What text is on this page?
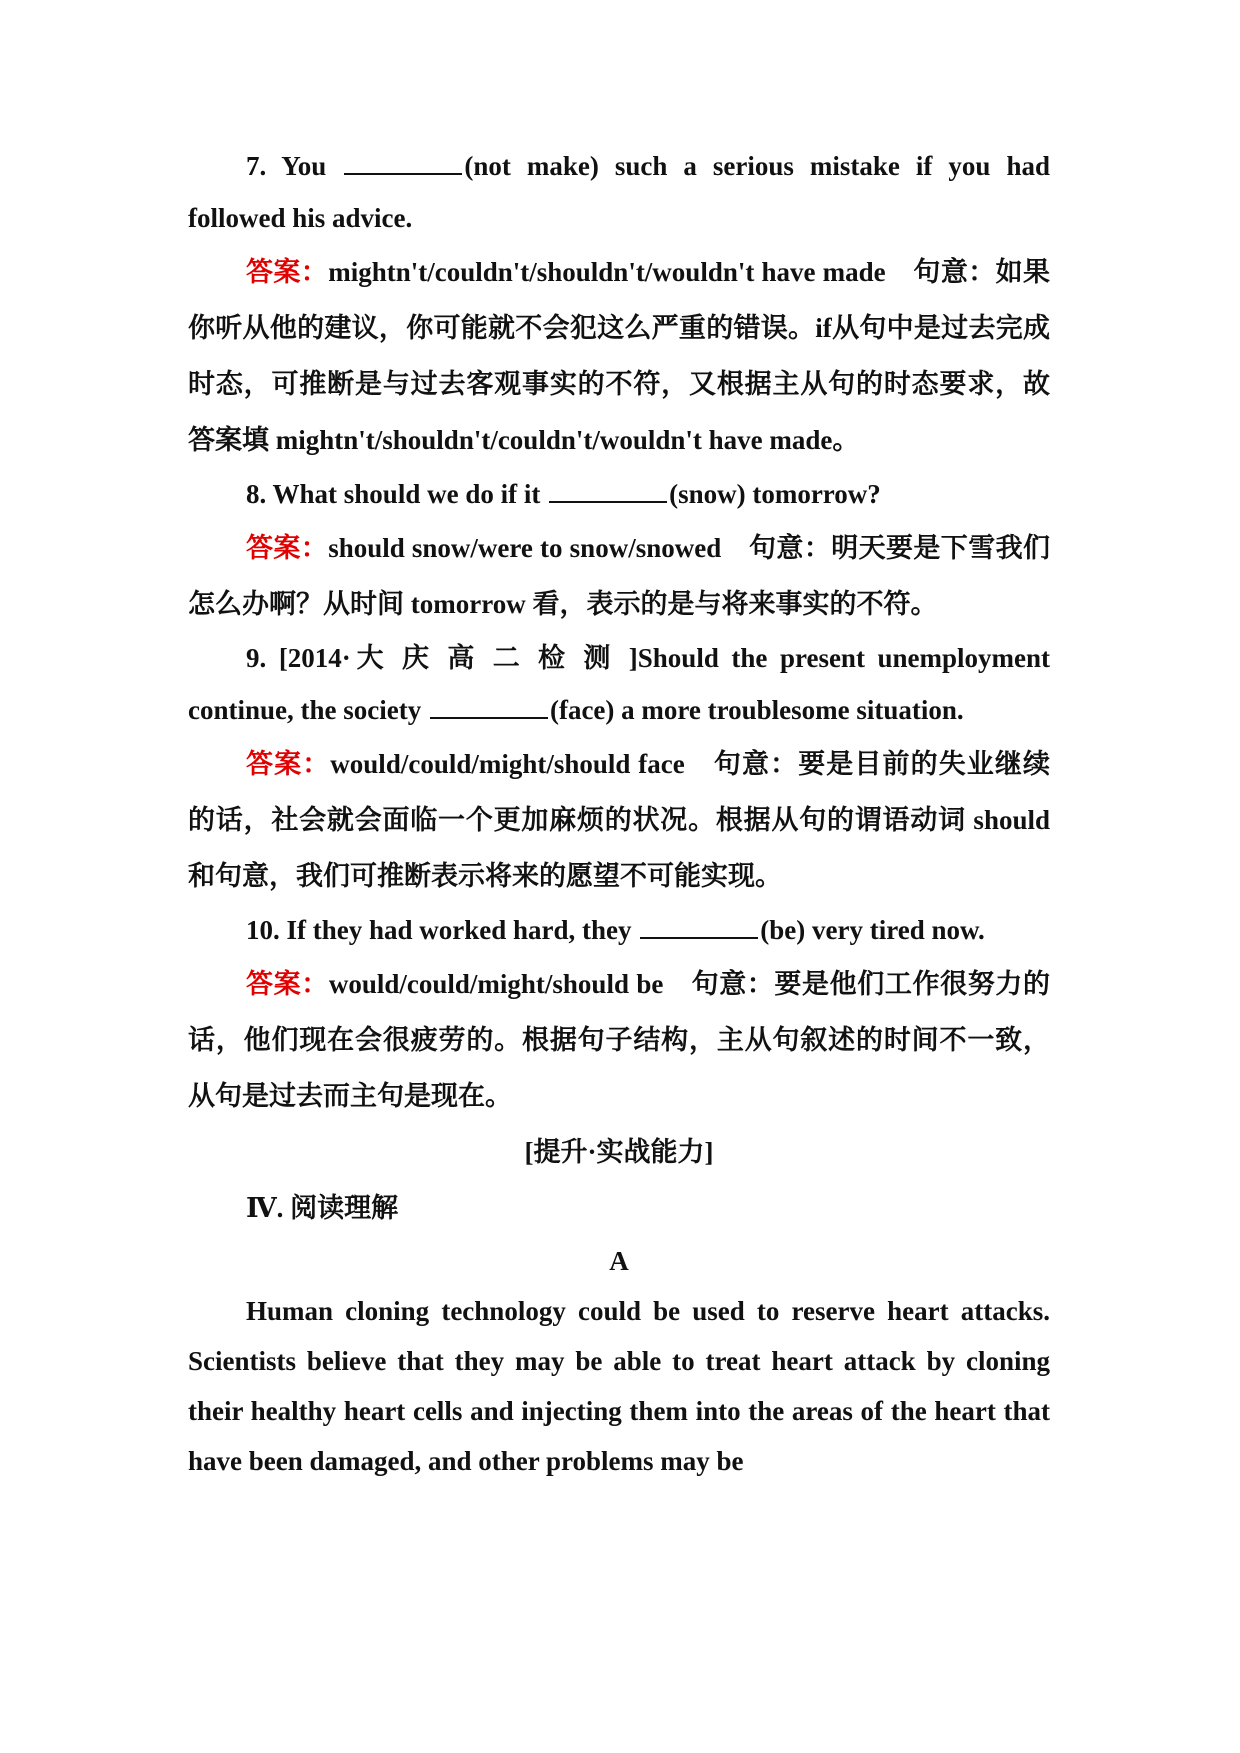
7. You	(not make) such a serious mistake if you had followed his advice.

答案：mightn't/couldn't/shouldn't/wouldn't have made　句意：如果你听从他的建议，你可能就不会犯这么严重的错误。if从句中是过去完成时态，可推断是与过去客观事实的不符，又根据主从句的时态要求，故答案填 mightn't/shouldn't/couldn't/wouldn't have made。

8. What should we do if it	(snow) tomorrow?

答案：should snow/were to snow/snowed　句意：明天要是下雪我们怎么办啊？从时间 tomorrow 看，表示的是与将来事实的不符。

9. [2014·大 庆 高 二 检 测 ]Should the present unemployment continue, the society	(face) a more troublesome situation.

答案：would/could/might/should face　句意：要是目前的失业继续的话，社会就会面临一个更加麻烦的状况。根据从句的谓语动词 should 和句意，我们可推断表示将来的愿望不可能实现。

10. If they had worked hard, they	(be) very tired now.

答案：would/could/might/should be　句意：要是他们工作很努力的话，他们现在会很疲劳的。根据句子结构，主从句叙述的时间不一致，从句是过去而主句是现在。

[提升·实战能力]

Ⅳ. 阅读理解

A

Human cloning technology could be used to reserve heart attacks. Scientists believe that they may be able to treat heart attack by cloning their healthy heart cells and injecting them into the areas of the heart that have been damaged, and other problems may be
